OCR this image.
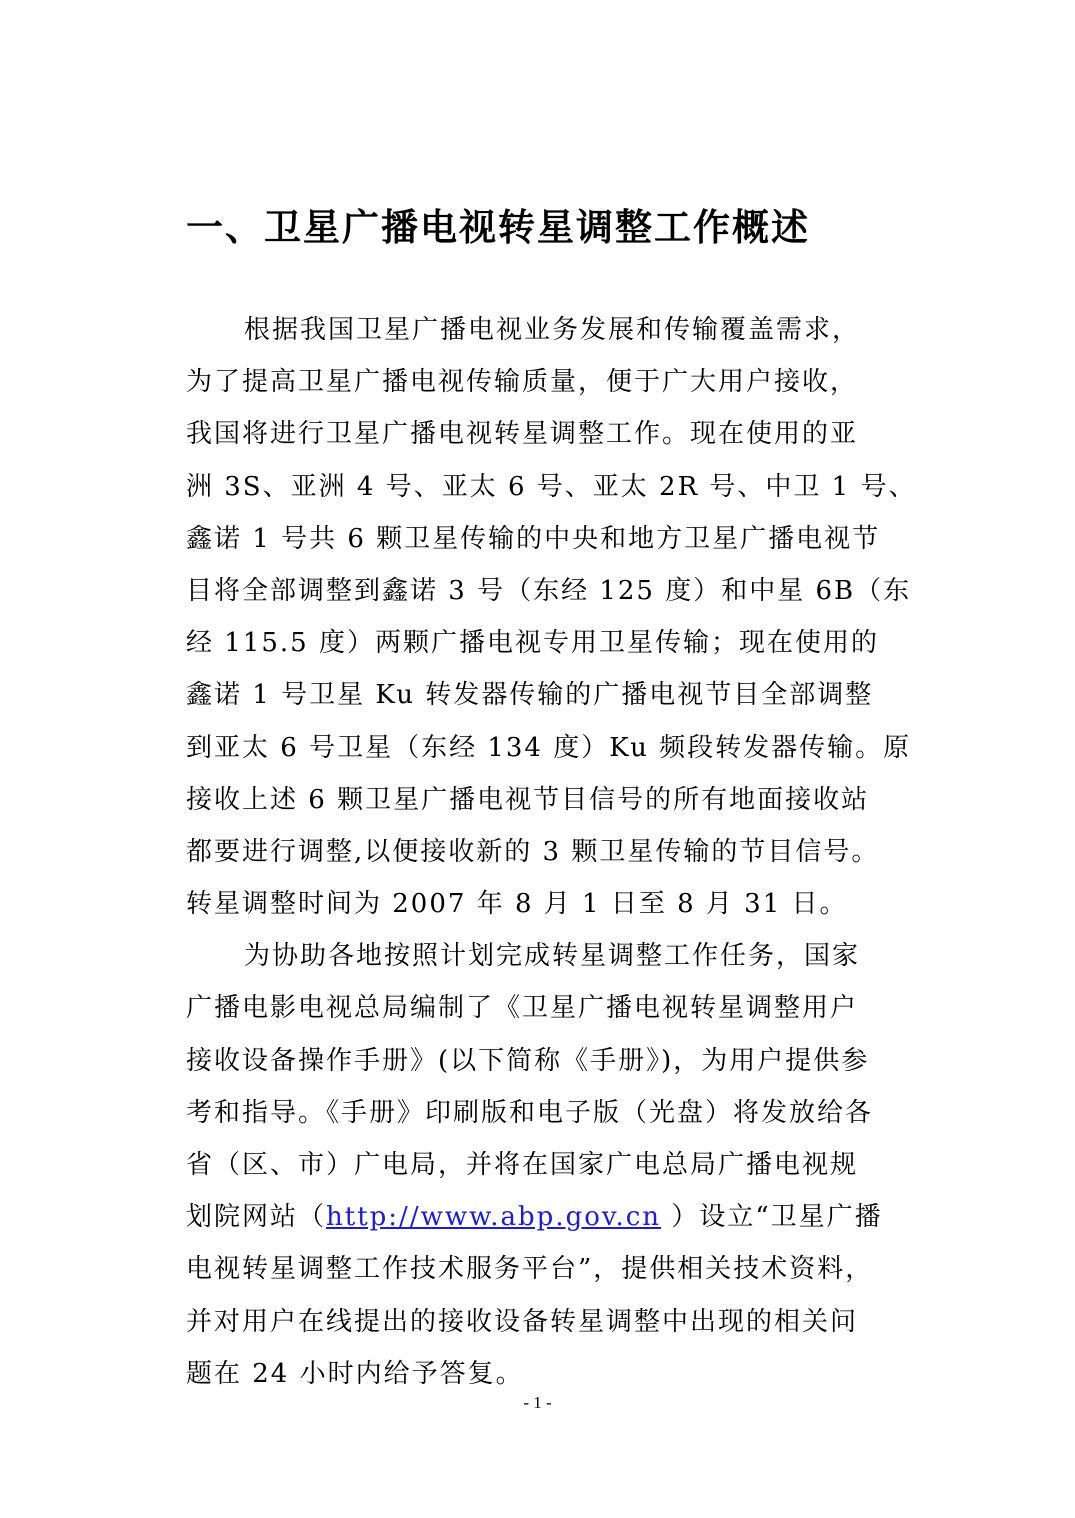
一、卫星广播电视转星调整工作概述
根据我国卫星广播电视业务发展和传输覆盖需求，
为了提高卫星广播电视传输质量，便于广大用户接收，
我国将进行卫星广播电视转星调整工作。现在使用的亚
洲 3S、亚洲 4 号、亚太 6 号、亚太 2R 号、中卫 1 号、
鑫诺 1 号共 6 颗卫星传输的中央和地方卫星广播电视节
目将全部调整到鑫诺 3 号（东经 125 度）和中星 6B（东
经 115.5 度）两颗广播电视专用卫星传输；现在使用的
鑫诺 1 号卫星 Ku 转发器传输的广播电视节目全部调整
到亚太 6 号卫星（东经 134 度）Ku 频段转发器传输。原
接收上述 6 颗卫星广播电视节目信号的所有地面接收站
都要进行调整,以便接收新的 3 颗卫星传输的节目信号。
转星调整时间为 2007 年 8 月 1 日至 8 月 31 日。
为协助各地按照计划完成转星调整工作任务，国家
广播电影电视总局编制了《卫星广播电视转星调整用户
接收设备操作手册》(以下简称《手册》)，为用户提供参
考和指导。《手册》印刷版和电子版（光盘）将发放给各
省（区、市）广电局，并将在国家广电总局广播电视规
划院网站（http://www.abp.gov.cn ）设立“卫星广播
电视转星调整工作技术服务平台”，提供相关技术资料，
并对用户在线提出的接收设备转星调整中出现的相关问
题在 24 小时内给予答复。
- 1 -
